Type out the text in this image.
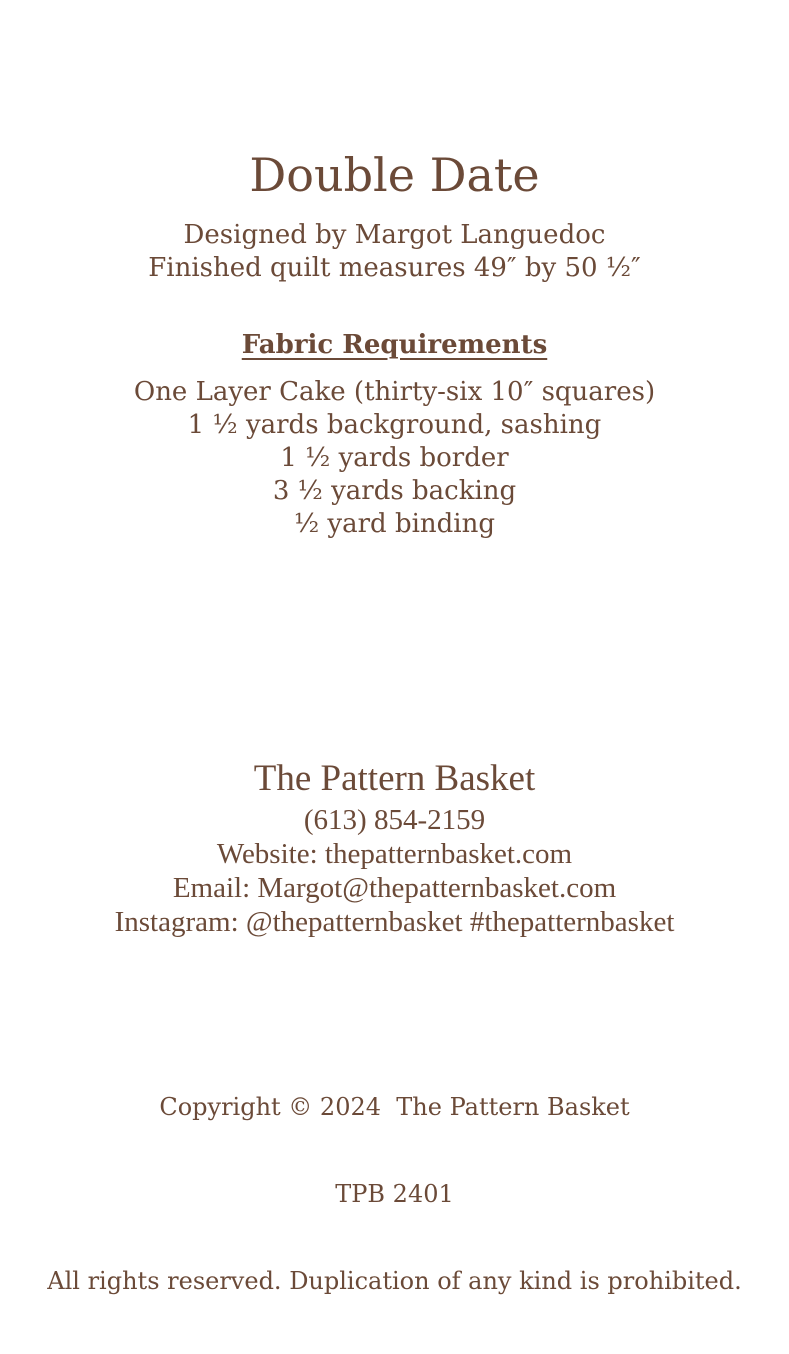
Double Date
Designed by Margot Languedoc
Finished quilt measures 49″ by 50 ½″
Fabric Requirements
One Layer Cake (thirty-six 10″ squares)
1 ½ yards background, sashing
1 ½ yards border
3 ½ yards backing
½ yard binding
The Pattern Basket
(613) 854-2159
Website: thepatternbasket.com
Email: Margot@thepatternbasket.com
Instagram: @thepatternbasket #thepatternbasket

Copyright © 2024  The Pattern Basket

TPB 2401

All rights reserved. Duplication of any kind is prohibited.
